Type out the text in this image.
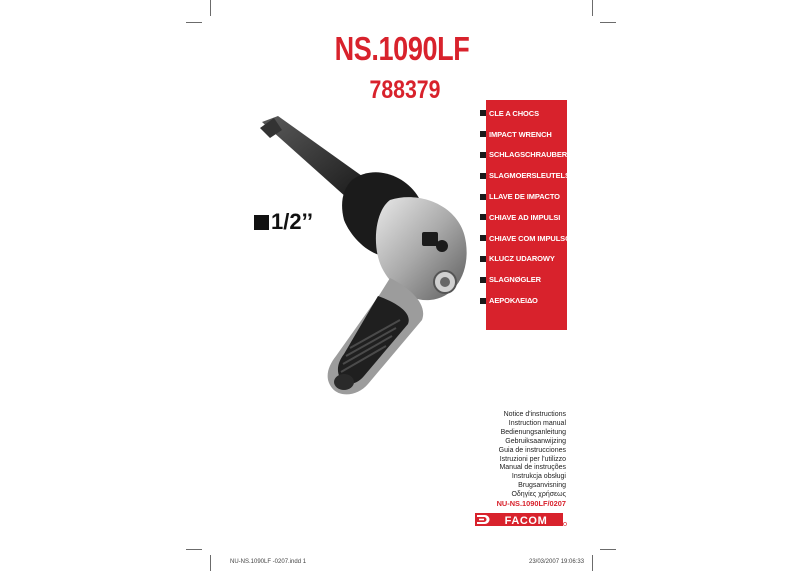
NS.1090LF
788379
1/2’’
CLE A CHOCS
IMPACT WRENCH
SCHLAGSCHRAUBER
SLAGMOERSLEUTELS
LLAVE DE IMPACTO
CHIAVE AD IMPULSI
CHIAVE COM IMPULSOS
KLUCZ UDAROWY
SLAGNØGLER
ΑΕΡΟΚΛΕΙΔΟ
Notice d'instructions
Instruction manual
Bedienungsanleitung
Gebruiksaanwijzing
Guia de instrucciones
Istruzioni per l'utilizzo
Manual de instruções
Instrukcja obsługi
Brugsanvisning
Οδηγίες χρήσεως
NU-NS.1090LF/0207
FACOM
NU-NS.1090LF -0207.indd 1	23/03/2007 19:06:33
